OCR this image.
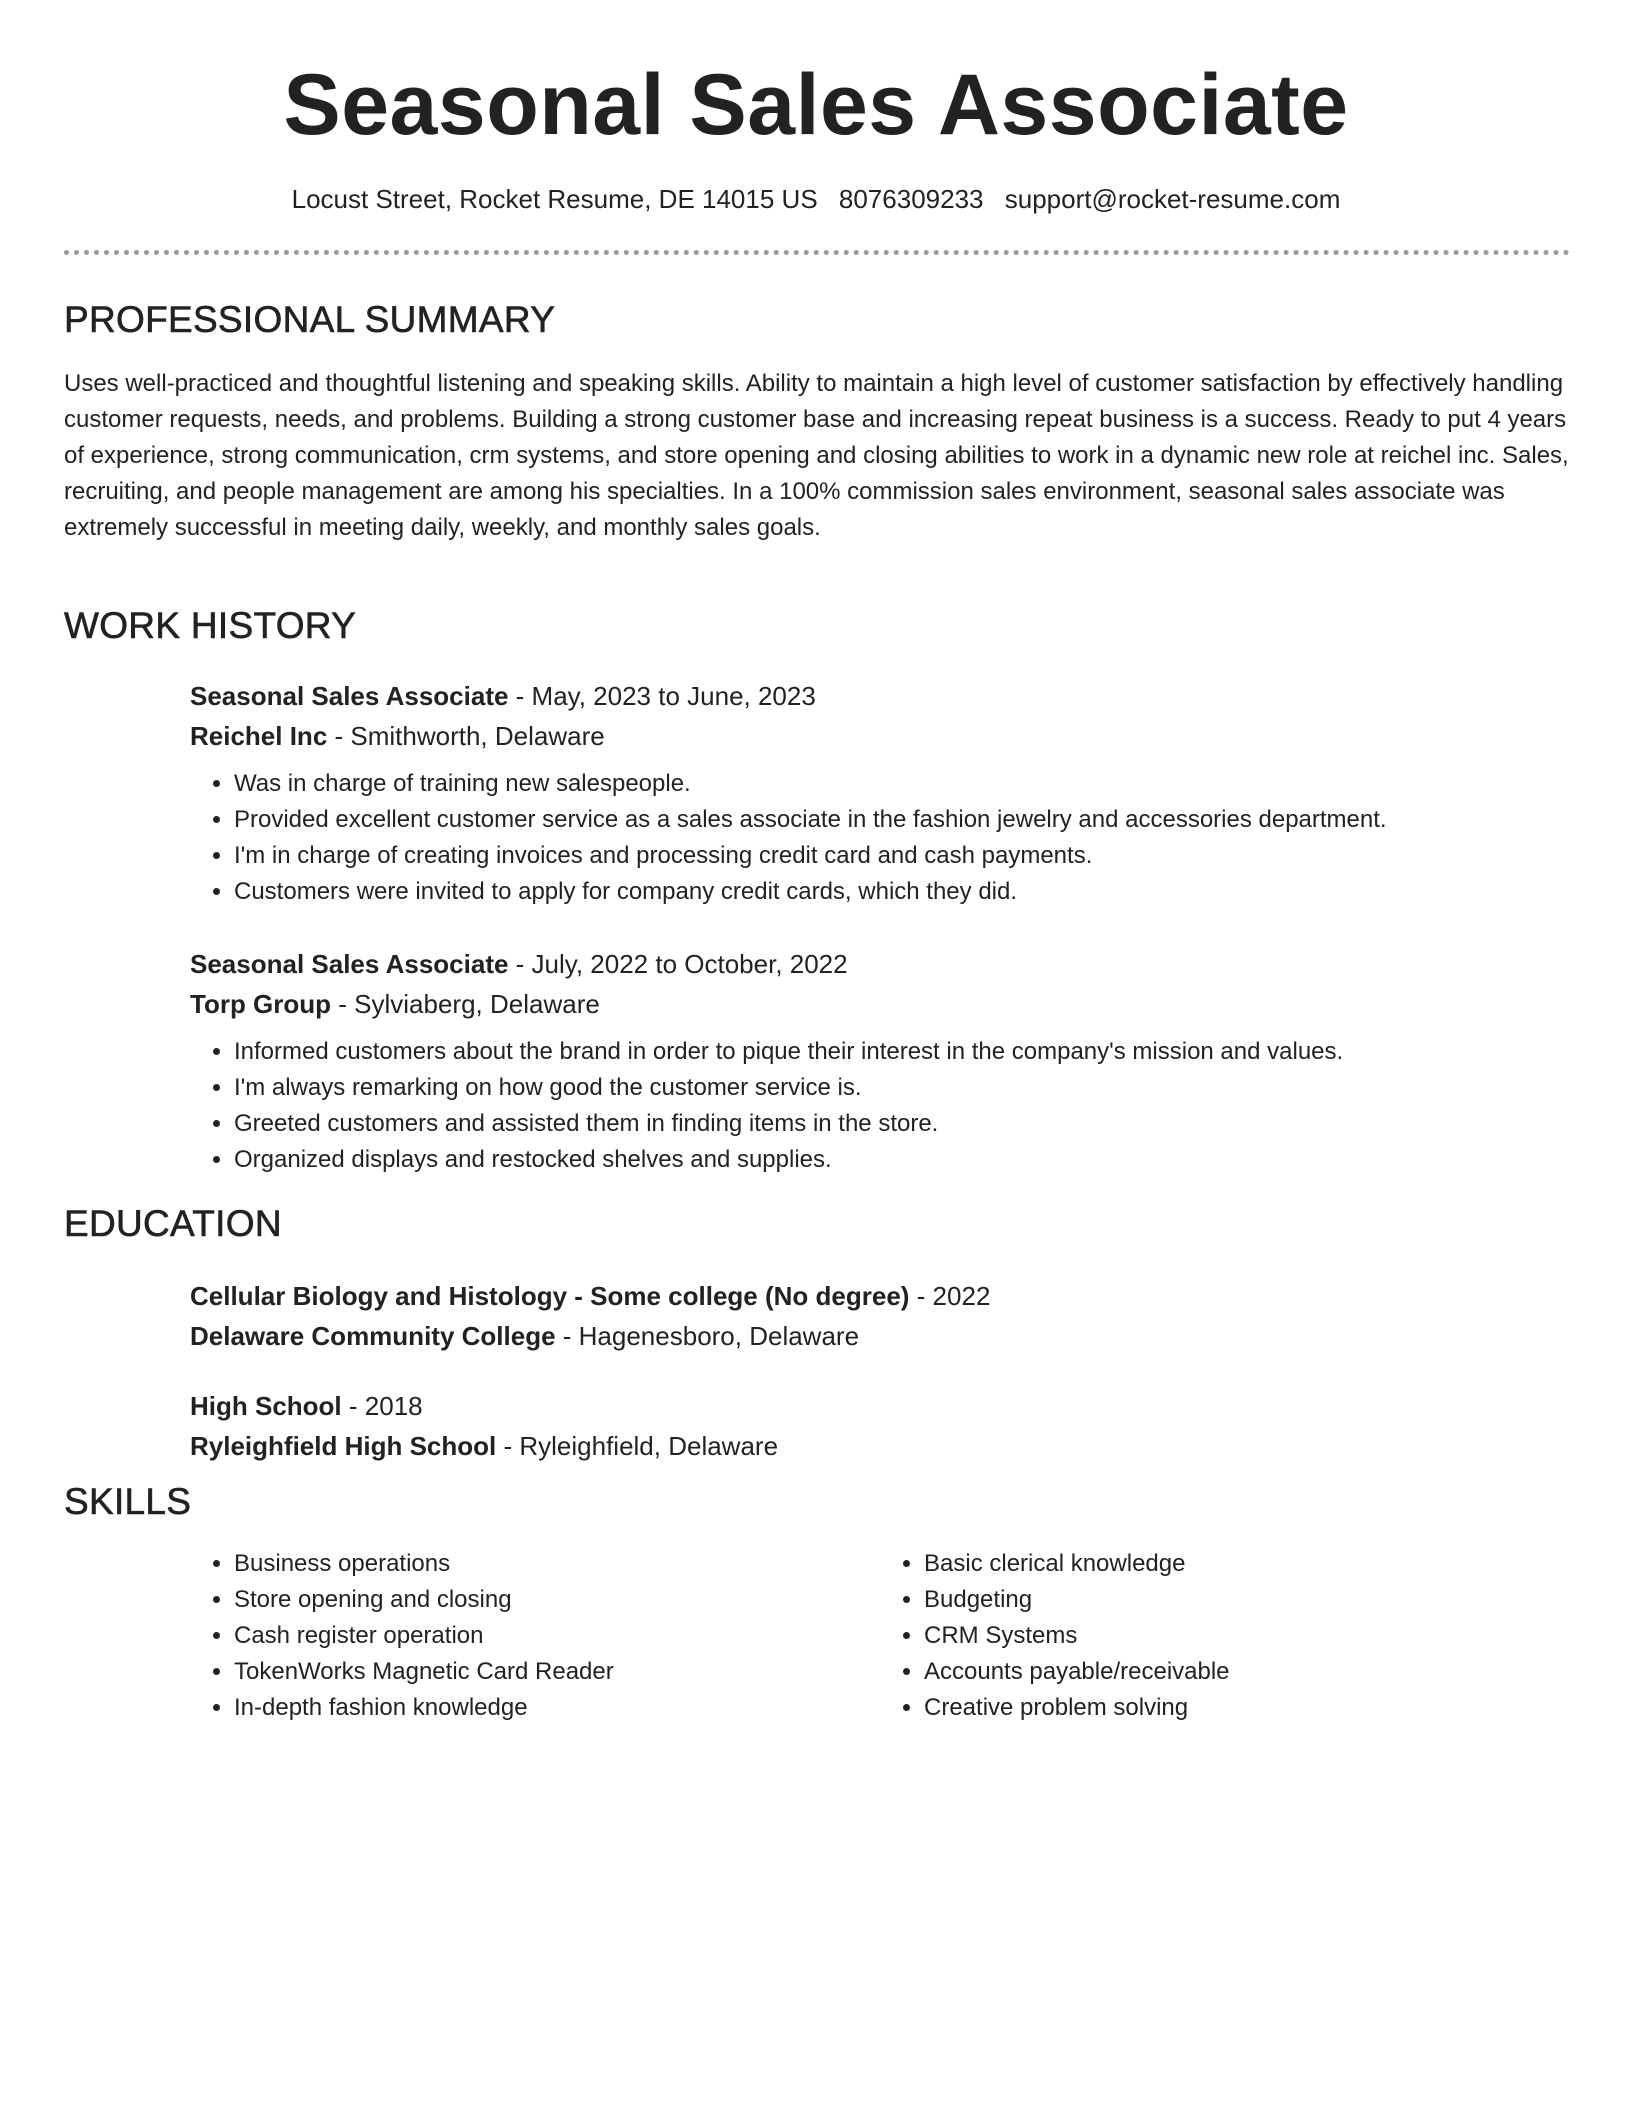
Seasonal Sales Associate

Locust Street, Rocket Resume, DE 14015 US 8076309233 support@rocket-resume.com

PROFESSIONAL SUMMARY

Uses well-practiced and thoughtful listening and speaking skills. Ability to maintain a high level of customer satisfaction by effectively handling customer requests, needs, and problems. Building a strong customer base and increasing repeat business is a success. Ready to put 4 years of experience, strong communication, crm systems, and store opening and closing abilities to work in a dynamic new role at reichel inc. Sales, recruiting, and people management are among his specialties. In a 100% commission sales environment, seasonal sales associate was extremely successful in meeting daily, weekly, and monthly sales goals.

WORK HISTORY

Seasonal Sales Associate - May, 2023 to June, 2023

Reichel Inc - Smithworth, Delaware

• Was in charge of training new salespeople.
• Provided excellent customer service as a sales associate in the fashion jewelry and accessories department.
• I'm in charge of creating invoices and processing credit card and cash payments.
• Customers were invited to apply for company credit cards, which they did.

Seasonal Sales Associate - July, 2022 to October, 2022

Torp Group - Sylviaberg, Delaware

• Informed customers about the brand in order to pique their interest in the company's mission and values.
• I'm always remarking on how good the customer service is.
• Greeted customers and assisted them in finding items in the store.
• Organized displays and restocked shelves and supplies.
EDUCATION

Cellular Biology and Histology - Some college (No degree) - 2022

Delaware Community College - Hagenesboro, Delaware

High School - 2018

Ryleighfield High School - Ryleighfield, Delaware

SKILLS
• Business operations
• Store opening and closing
• Cash register operation
• TokenWorks Magnetic Card Reader
• In-depth fashion knowledge
• Basic clerical knowledge
• Budgeting
• CRM Systems
• Accounts payable/receivable
• Creative problem solving
